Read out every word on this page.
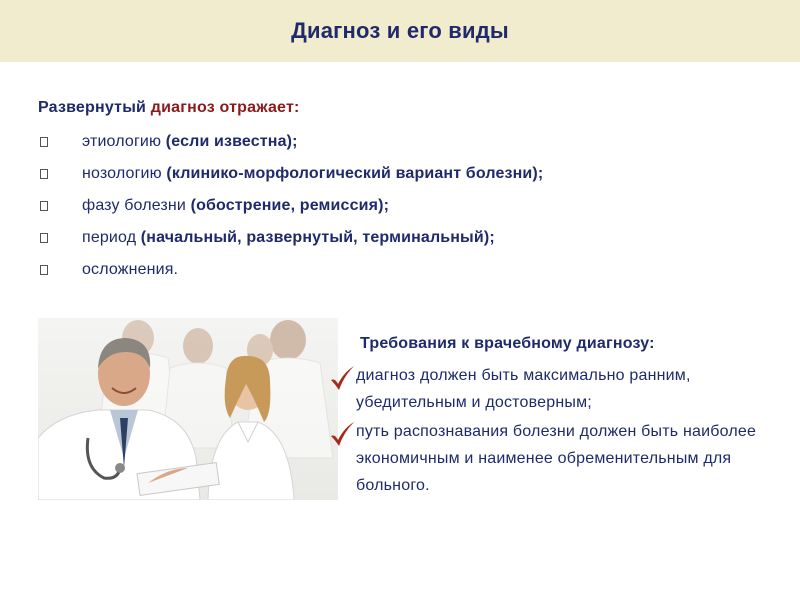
Диагноз и его виды
Развернутый диагноз отражает:
этиологию (если известна);
нозологию (клинико-морфологический вариант болезни);
фазу болезни (обострение, ремиссия);
период (начальный, развернутый, терминальный);
осложнения.
Требования к врачебному диагнозу:
диагноз должен быть максимально ранним, убедительным и достоверным;
путь распознавания болезни должен быть наиболее экономичным и наименее обременительным для больного.
